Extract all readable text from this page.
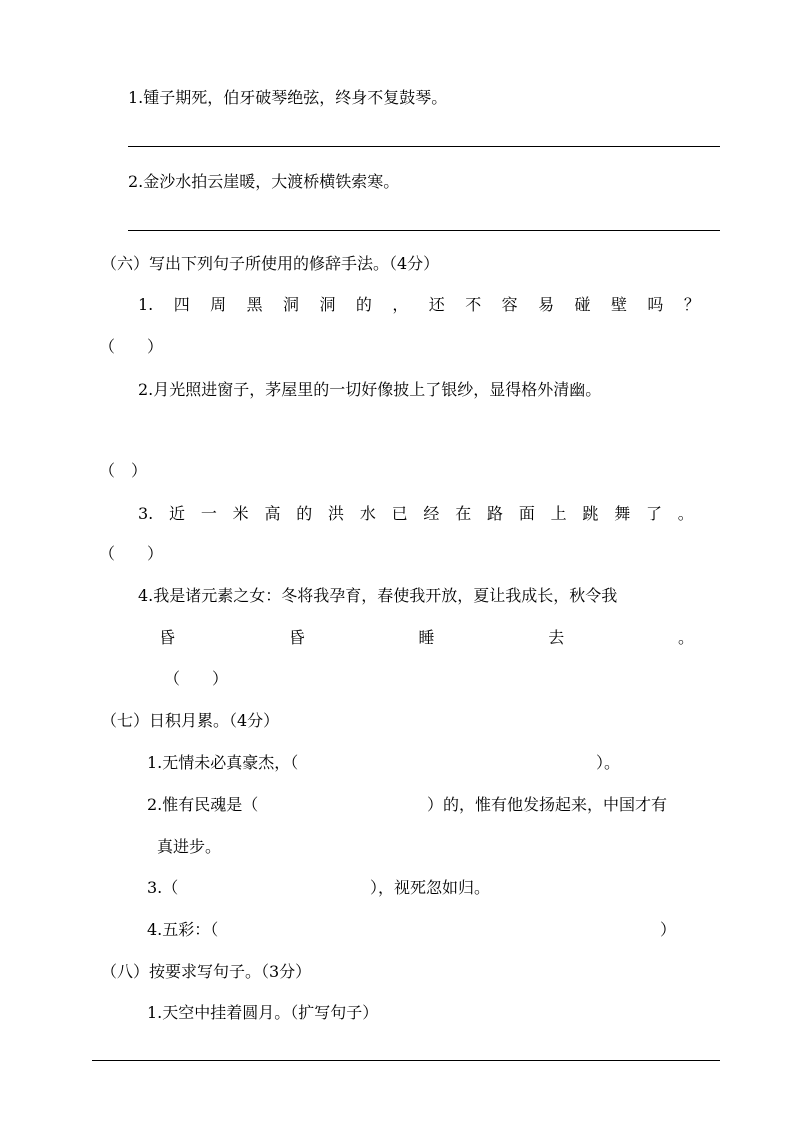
1.锺子期死，伯牙破琴绝弦，终身不复鼓琴。
2.金沙水拍云崖暖，大渡桥横铁索寒。
（六）写出下列句子所使用的修辞手法。（4分）
1. 四 周 黑 洞 洞 的 ， 还 不 容 易 碰 壁 吗 ？
（　　）
2.月光照进窗子，茅屋里的一切好像披上了银纱，显得格外清幽。
（　）
3. 近 一 米 高 的 洪 水 已 经 在 路 面 上 跳 舞 了 。
（　　）
4.我是诸元素之女：冬将我孕育，春使我开放，夏让我成长，秋令我
昏	昏	睡	去	。
（　　）
（七）日积月累。（4分）
1.无情未必真豪杰，（	）。
2.惟有民魂是（	）的，惟有他发扬起来，中国才有
真进步。
3.（	），视死忽如归。
4.五彩：（	）
（八）按要求写句子。（3分）
1.天空中挂着圆月。（扩写句子）
